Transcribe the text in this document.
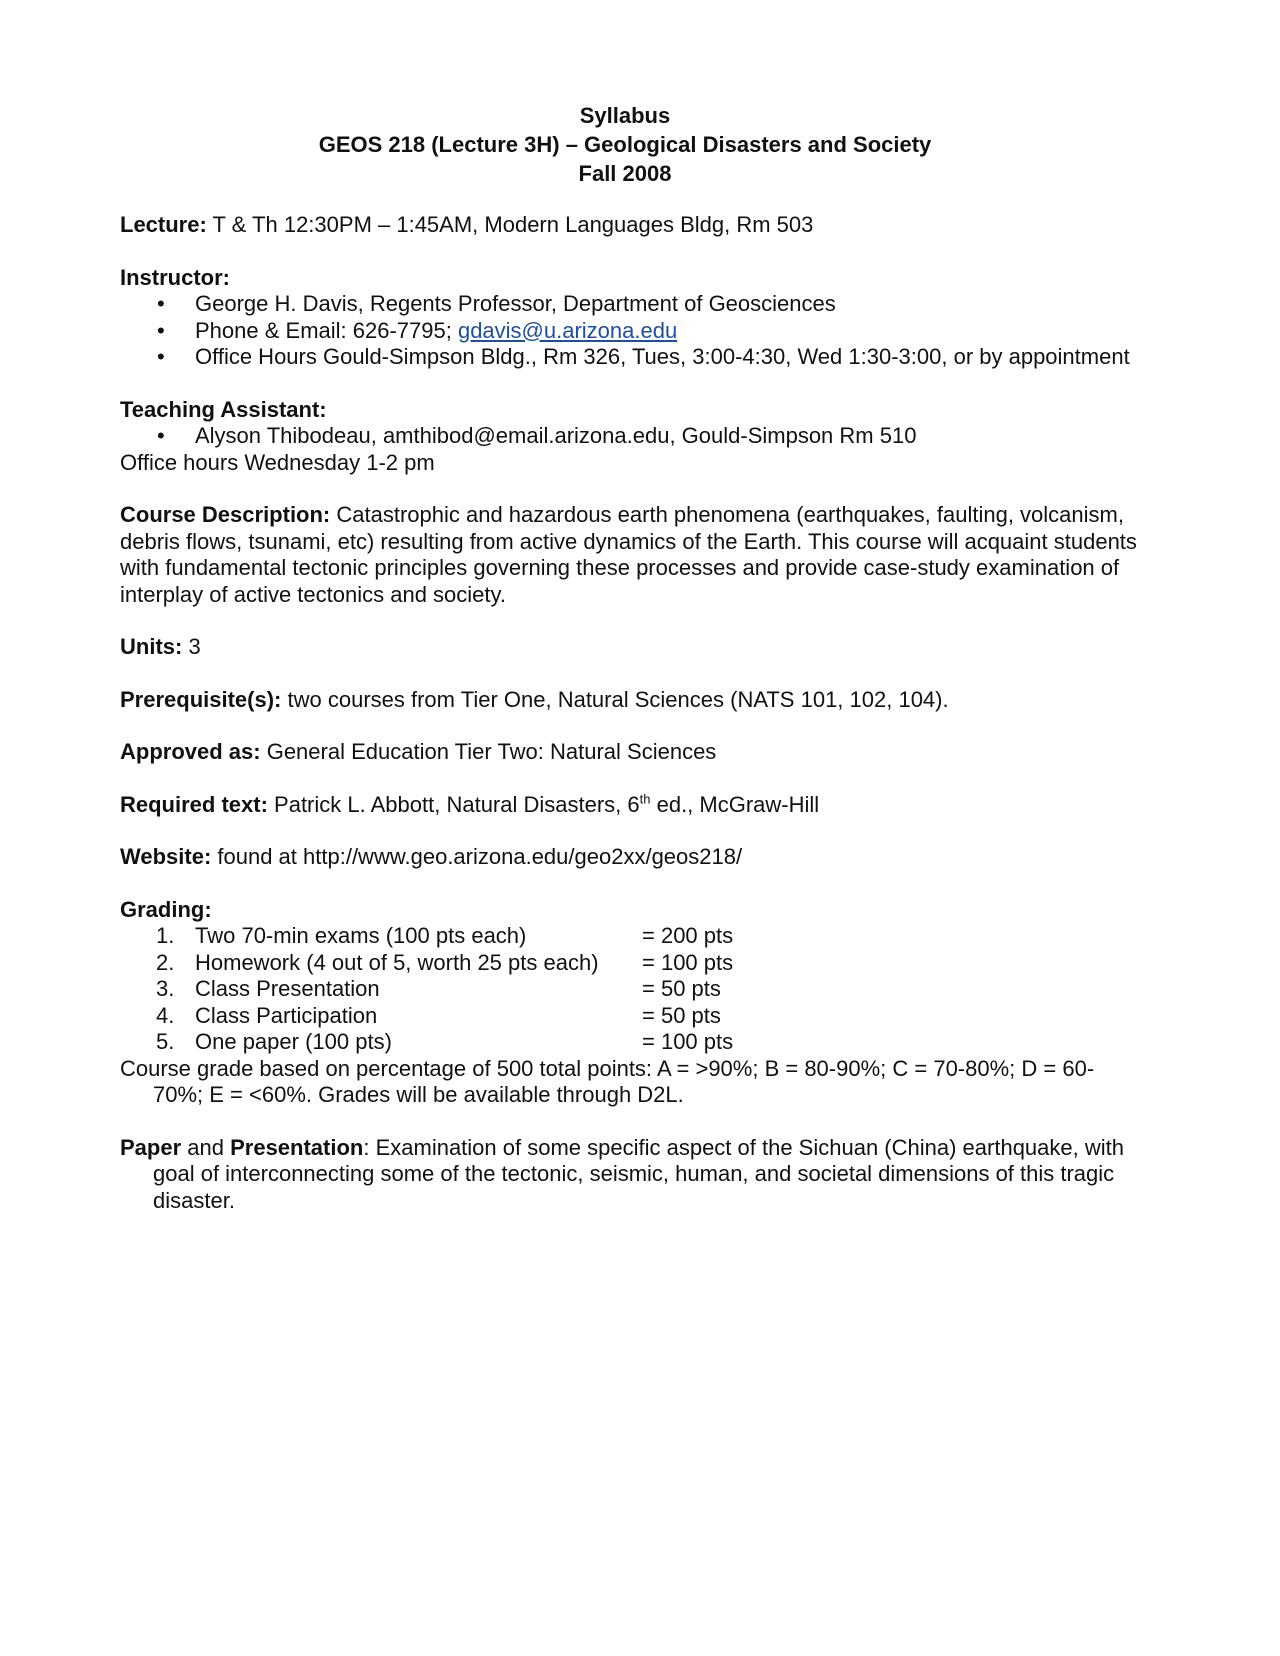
Syllabus
GEOS 218 (Lecture 3H) – Geological Disasters and Society
Fall 2008
Lecture: T & Th 12:30PM – 1:45AM, Modern Languages Bldg, Rm 503
Instructor:
• George H. Davis, Regents Professor, Department of Geosciences
• Phone & Email: 626-7795; gdavis@u.arizona.edu
• Office Hours Gould-Simpson Bldg., Rm 326, Tues, 3:00-4:30, Wed 1:30-3:00, or by appointment
Teaching Assistant:
• Alyson Thibodeau, amthibod@email.arizona.edu, Gould-Simpson Rm 510
Office hours Wednesday 1-2 pm
Course Description: Catastrophic and hazardous earth phenomena (earthquakes, faulting, volcanism, debris flows, tsunami, etc) resulting from active dynamics of the Earth. This course will acquaint students with fundamental tectonic principles governing these processes and provide case-study examination of interplay of active tectonics and society.
Units: 3
Prerequisite(s): two courses from Tier One, Natural Sciences (NATS 101, 102, 104).
Approved as: General Education Tier Two: Natural Sciences
Required text: Patrick L. Abbott, Natural Disasters, 6th ed., McGraw-Hill
Website: found at http://www.geo.arizona.edu/geo2xx/geos218/
Grading:
1. Two 70-min exams (100 pts each)	= 200 pts
2. Homework (4 out of 5, worth 25 pts each) = 100 pts
3. Class Presentation	= 50 pts
4. Class Participation	= 50 pts
5. One paper (100 pts)	= 100 pts
Course grade based on percentage of 500 total points: A = >90%; B = 80-90%; C = 70-80%; D = 60-70%; E = <60%. Grades will be available through D2L.
Paper and Presentation: Examination of some specific aspect of the Sichuan (China) earthquake, with goal of interconnecting some of the tectonic, seismic, human, and societal dimensions of this tragic disaster.
